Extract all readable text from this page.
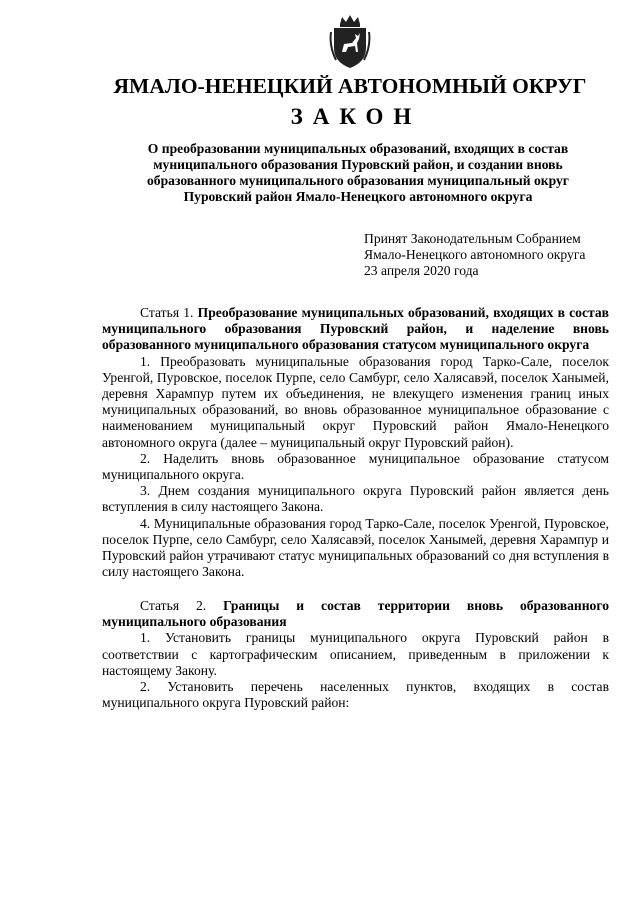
ЯМАЛО-НЕНЕЦКИЙ АВТОНОМНЫЙ ОКРУГ
ЗАКОН
О преобразовании муниципальных образований, входящих в состав муниципального образования Пуровский район, и создании вновь образованного муниципального образования муниципальный округ Пуровский район Ямало-Ненецкого автономного округа
Принят Законодательным Собранием
Ямало-Ненецкого автономного округа
23 апреля 2020 года

Статья 1. Преобразование муниципальных образований, входящих в состав муниципального образования Пуровский район, и наделение вновь образованного муниципального образования статусом муниципального округа

1. Преобразовать муниципальные образования город Тарко-Сале, поселок Уренгой, Пуровское, поселок Пурпе, село Самбург, село Халясавэй, поселок Ханымей, деревня Харампур путем их объединения, не влекущего изменения границ иных муниципальных образований, во вновь образованное муниципальное образование с наименованием муниципальный округ Пуровский район Ямало-Ненецкого автономного округа (далее – муниципальный округ Пуровский район).

2. Наделить вновь образованное муниципальное образование статусом муниципального округа.

3. Днем создания муниципального округа Пуровский район является день вступления в силу настоящего Закона.

4. Муниципальные образования город Тарко-Сале, поселок Уренгой, Пуровское, поселок Пурпе, село Самбург, село Халясавэй, поселок Ханымей, деревня Харампур и Пуровский район утрачивают статус муниципальных образований со дня вступления в силу настоящего Закона.

Статья 2. Границы и состав территории вновь образованного муниципального образования

1. Установить границы муниципального округа Пуровский район в соответствии с картографическим описанием, приведенным в приложении к настоящему Закону.

2. Установить перечень населенных пунктов, входящих в состав муниципального округа Пуровский район:
